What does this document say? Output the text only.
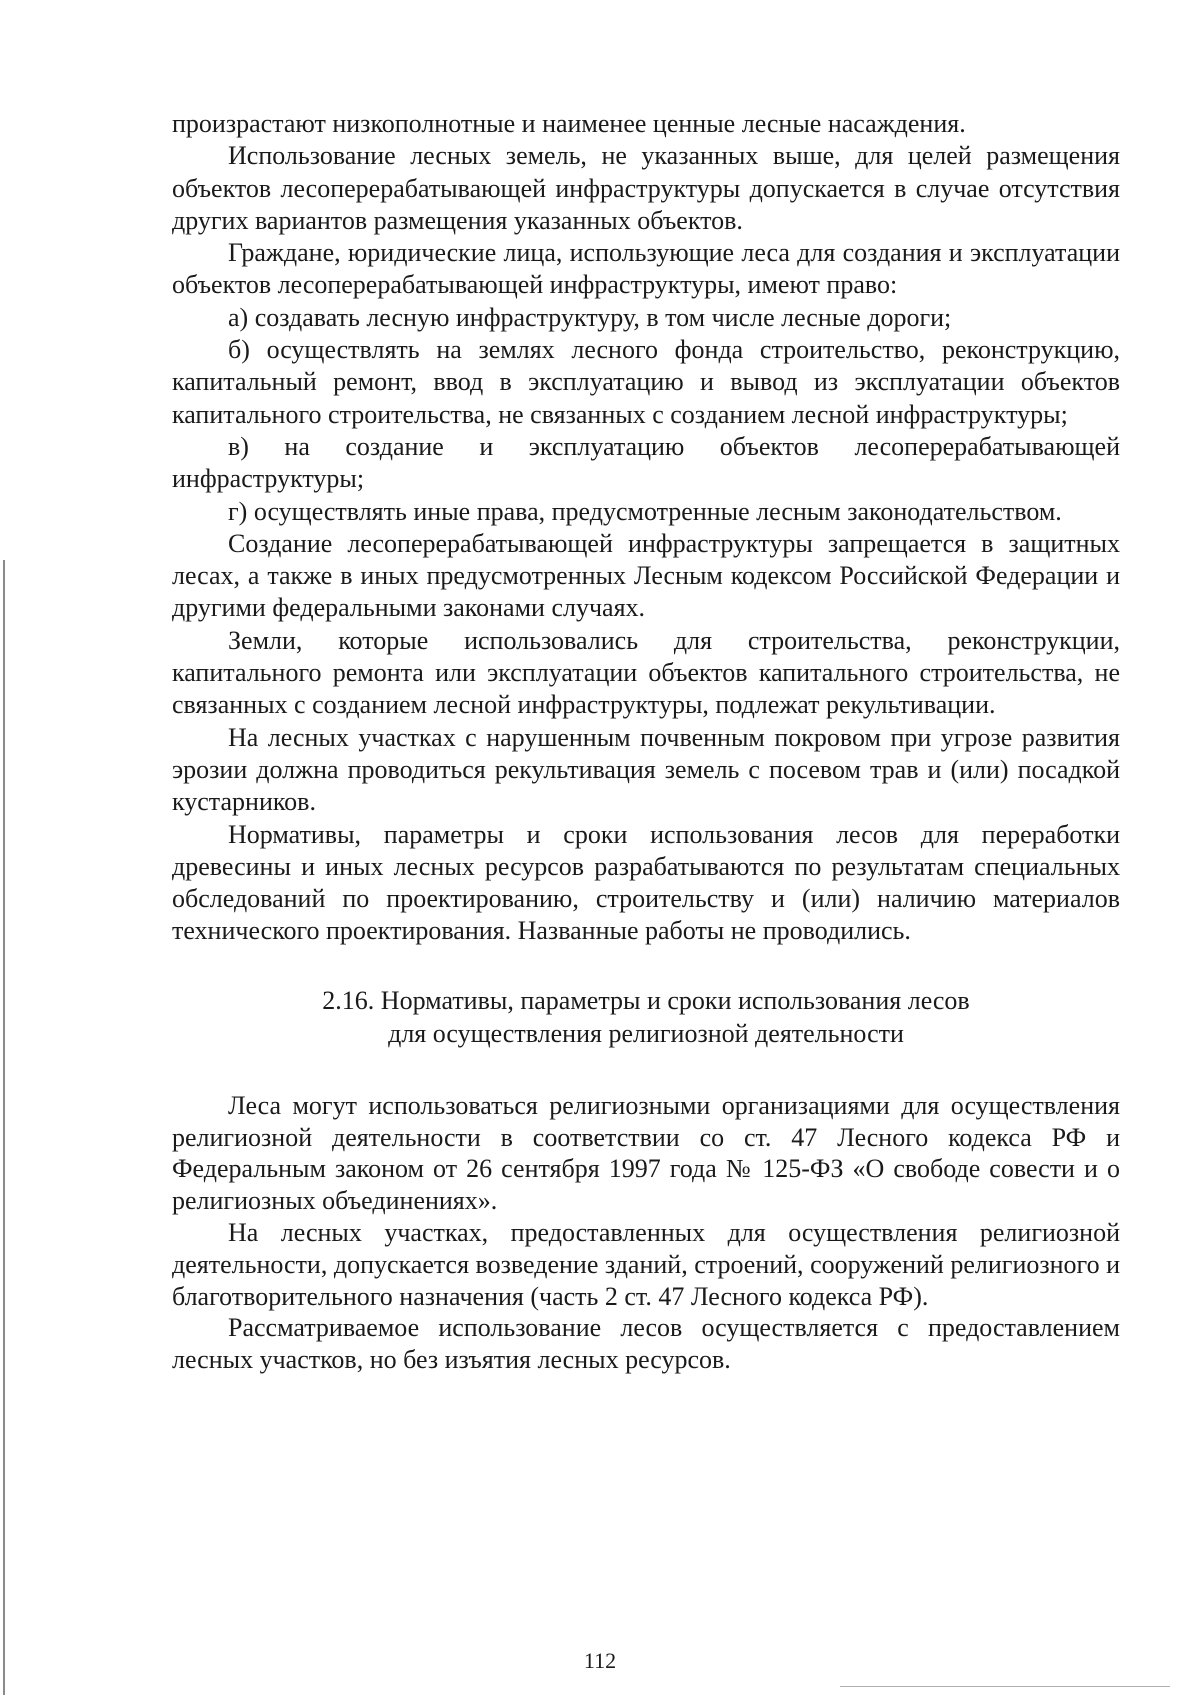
произрастают низкополнотные и наименее ценные лесные насаждения.

Использование лесных земель, не указанных выше, для целей размещения объектов лесоперерабатывающей инфраструктуры допускается в случае отсутствия других вариантов размещения указанных объектов.

Граждане, юридические лица, использующие леса для создания и эксплуатации объектов лесоперерабатывающей инфраструктуры, имеют право:

а) создавать лесную инфраструктуру, в том числе лесные дороги;

б) осуществлять на землях лесного фонда строительство, реконструкцию, капитальный ремонт, ввод в эксплуатацию и вывод из эксплуатации объектов капитального строительства, не связанных с созданием лесной инфраструктуры;

в) на создание и эксплуатацию объектов лесоперерабатывающей инфраструктуры;

г) осуществлять иные права, предусмотренные лесным законодательством.

Создание лесоперерабатывающей инфраструктуры запрещается в защитных лесах, а также в иных предусмотренных Лесным кодексом Российской Федерации и другими федеральными законами случаях.

Земли, которые использовались для строительства, реконструкции, капитального ремонта или эксплуатации объектов капитального строительства, не связанных с созданием лесной инфраструктуры, подлежат рекультивации.

На лесных участках с нарушенным почвенным покровом при угрозе развития эрозии должна проводиться рекультивация земель с посевом трав и (или) посадкой кустарников.

Нормативы, параметры и сроки использования лесов для переработки древесины и иных лесных ресурсов разрабатываются по результатам специальных обследований по проектированию, строительству и (или) наличию материалов технического проектирования. Названные работы не проводились.

2.16. Нормативы, параметры и сроки использования лесов
для осуществления религиозной деятельности

Леса могут использоваться религиозными организациями для осуществления религиозной деятельности в соответствии со ст. 47 Лесного кодекса РФ и Федеральным законом от 26 сентября 1997 года № 125-ФЗ «О свободе совести и о религиозных объединениях».

На лесных участках, предоставленных для осуществления религиозной деятельности, допускается возведение зданий, строений, сооружений религиозного и благотворительного назначения (часть 2 ст. 47 Лесного кодекса РФ).

Рассматриваемое использование лесов осуществляется с предоставлением лесных участков, но без изъятия лесных ресурсов.

112
